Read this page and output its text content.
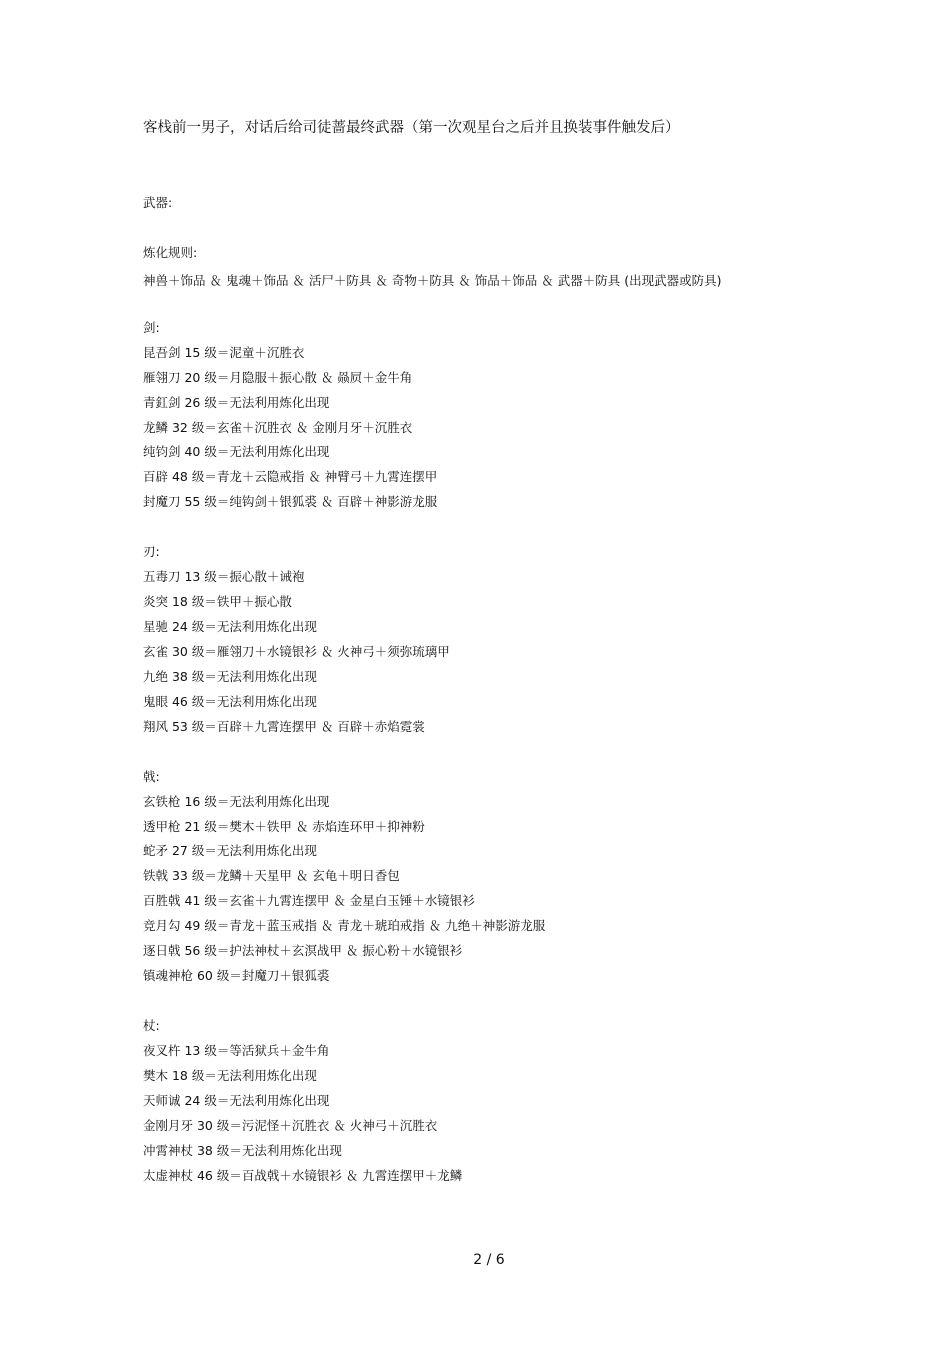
客栈前一男子，对话后给司徒蔷最终武器（第一次观星台之后并且换装事件触发后）
武器:
炼化规则:
神兽＋饰品 ＆ 鬼魂＋饰品 ＆ 活尸＋防具 ＆ 奇物＋防具 ＆ 饰品＋饰品 ＆ 武器＋防具 (出现武器或防具)
剑:
昆吾剑 15 级＝泥童＋沉胜衣
雁翎刀 20 级＝月隐服＋振心散 ＆ 赑屃＋金牛角
青釭剑 26 级＝无法利用炼化出现
龙鳞 32 级＝玄雀＋沉胜衣 ＆ 金刚月牙＋沉胜衣
纯钧剑 40 级＝无法利用炼化出现
百辟 48 级＝青龙＋云隐戒指 ＆ 神臂弓＋九霄连摆甲
封魔刀 55 级＝纯钩剑＋银狐裘 ＆ 百辟＋神影游龙服
刃:
五毒刀 13 级＝振心散＋诫袍
炎突 18 级＝铁甲＋振心散
星驰 24 级＝无法利用炼化出现
玄雀 30 级＝雁翎刀＋水镜银衫 ＆ 火神弓＋须弥琉璃甲
九绝 38 级＝无法利用炼化出现
鬼眼 46 级＝无法利用炼化出现
翔风 53 级＝百辟＋九霄连摆甲 ＆ 百辟＋赤焰霓裳
戟:
玄铁枪 16 级＝无法利用炼化出现
透甲枪 21 级＝樊木＋铁甲 ＆ 赤焰连环甲＋抑神粉
蛇矛 27 级＝无法利用炼化出现
铁戟 33 级＝龙鳞＋天星甲 ＆ 玄龟＋明日香包
百胜戟 41 级＝玄雀＋九霄连摆甲 ＆ 金星白玉锤＋水镜银衫
竞月勾 49 级＝青龙＋蓝玉戒指 ＆ 青龙＋琥珀戒指 ＆ 九绝＋神影游龙服
逐日戟 56 级＝护法神杖＋玄溟战甲 ＆ 振心粉＋水镜银衫
镇魂神枪 60 级＝封魔刀＋银狐裘
杖:
夜叉杵 13 级＝等活狱兵＋金牛角
樊木 18 级＝无法利用炼化出现
天师诚 24 级＝无法利用炼化出现
金刚月牙 30 级＝污泥怪＋沉胜衣 ＆ 火神弓＋沉胜衣
冲霄神杖 38 级＝无法利用炼化出现
太虚神杖 46 级＝百战戟＋水镜银衫 ＆ 九霄连摆甲＋龙鳞
2 / 6
